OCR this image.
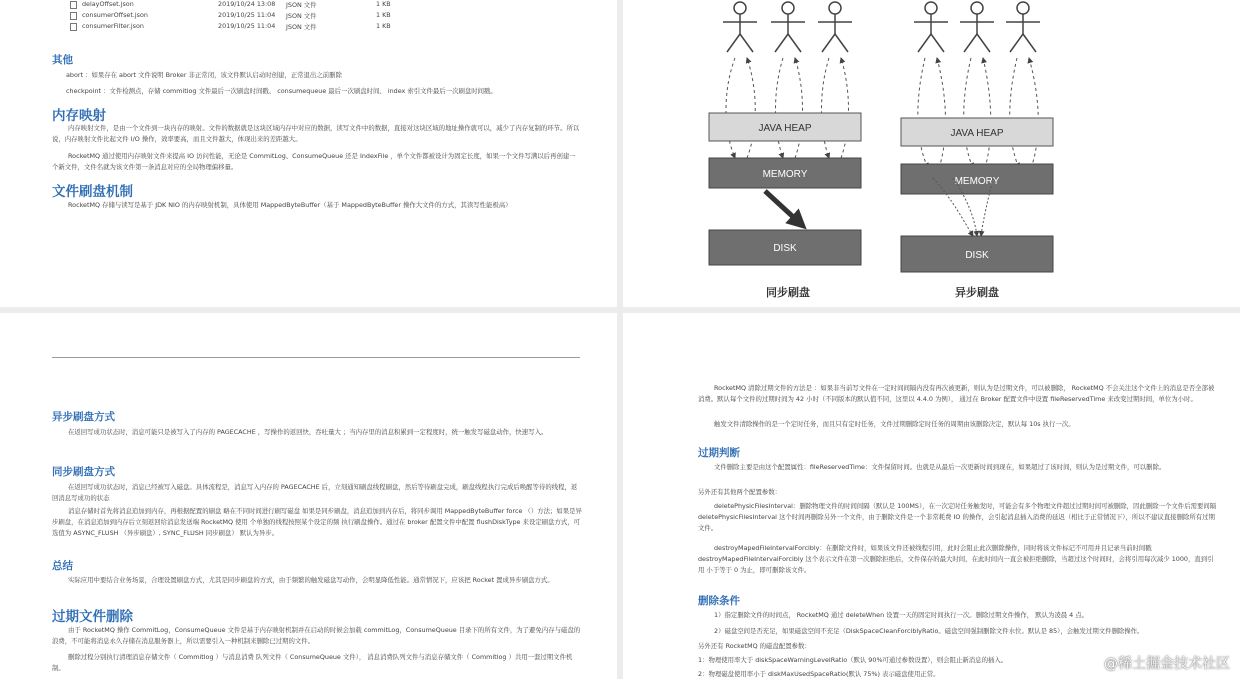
delayOffset.json	2019/10/24 13:08 JSON 文件	1 KB
consumerOffset.json	2019/10/25 11:04 JSON 文件	1 KB
consumerFilter.json	2019/10/25 11:04 JSON 文件	1 KB
其他
abort ：如果存在 abort 文件说明 Broker 非正常闭，该文件默认启动时创建，正常退出之前删除
checkpoint ：文件检测点，存储 commitlog 文件最后一次刷盘时间戳、 consumequeue 最后一次刷盘时间、 index 索引文件最后一次刷盘时间戳。
内存映射
内存映射文件，是由一个文件到一块内存的映射。文件的数据就是这块区域内存中对应的数据，读写文件中的数据，直接对这块区域的地址操作就可以，减少了内存复制的环节。所以说，内存映射文件比起文件 I/O 操作，效率要高，而且文件越大，体现出来的差距越大。
RocketMQ 通过使用内存映射文件来提高 IO 访问性能，无论是 CommitLog、ConsumeQueue 还是 IndexFile ，单个文件都被设计为固定长度，如果一个文件写满以后再创建一个新文件，文件名就为该文件第一条消息对应的全局物理偏移量。
文件刷盘机制
RocketMQ 存储与读写是基于 JDK NIO 的内存映射机制，具体使用 MappedByteBuffer（基于 MappedByteBuffer 操作大文件的方式，其读写性能极高）
JAVA HEAP
MEMORY
DISK
同步刷盘
JAVA HEAP
MEMORY
DISK
异步刷盘
异步刷盘方式
在返回写成功状态时，消息可能只是被写入了内存的 PAGECACHE ，写操作的返回快，吞吐量大 ；当内存里的消息积累到一定程度时，统一触发写磁盘动作，快速写入。
同步刷盘方式
在返回写成功状态时，消息已经被写入磁盘。具体流程是，消息写入内存的 PAGECACHE 后，立刻通知刷盘线程刷盘，然后等待刷盘完成，刷盘线程执行完成后唤醒等待的线程，返回消息写成功的状态
消息存储时首先将消息追加到内存，再根据配置的刷盘 略在不同时间进行刷写磁盘 如果是同步刷盘，消息追加到内存后，将同步调用 MappedByteBuffer force （）方法；如果是异步刷盘，在消息追加到内存后立刻返回给消息发送端 RocketMQ 使用 个单独的线程按照某个设定的频 执行刷盘操作。通过在 broker 配置文件中配置 flushDiskType 来设定刷盘方式，可选值为 ASYNC_FLUSH （异步刷盘）, SYNC_FLUSH 同步刷盘） 默认为异步。
总结
实际应用中要结合业务场景，合理设置刷盘方式，尤其是同步刷盘的方式，由于频繁的触发磁盘写动作，会明显降低性能。通常情况下，应该把 Rocket 置成异步刷盘方式。
过期文件删除
由于 RocketMQ 操作 CommitLog，ConsumeQueue 文件是基于内存映射机制并在启动的时候会加载 commitLog，ConsumeQueue 目录下的所有文件，为了避免内存与磁盘的浪费，不可能将消息永久存储在消息服务器上，所以需要引入一种机制来删除已过期的文件。
删除过程分别执行清理消息存储文件（ Commitlog ）与消息消费 队列文件（ ConsumeQueue 文件）， 消息消费队列文件与消息存储文件（ Commitlog ）共用一套过期文件机制。
RocketMQ 清除过期文件的方法是 ：如果非当前写文件在一定时间间隔内没有再次被更新，则认为是过期文件，可以被删除， RocketMQ 不会关注这个文件上的消息是否全部被消费。默认每个文件的过期时间为 42 小时（不同版本的默认值不同，这里以 4.4.0 为例）， 通过在 Broker 配置文件中设置 fileReservedTime 来改变过期时间，单位为小时。
触发文件清除操作的是一个定时任务，而且只有定时任务，文件过期删除定时任务的周期由该删除决定，默认每 10s 执行一次。
过期判断
文件删除主要是由这个配置属性：fileReservedTime：文件保留时间。也就是从最后一次更新时间到现在，如果超过了该时间，则认为是过期文件，可以删除。
另外还有其他两个配置参数：
deletePhysicFilesInterval：删除物理文件的时间间隔（默认是 100MS），在一次定时任务触发时，可能会有多个物理文件超过过期时间可被删除，因此删除一个文件后需要间隔 deletePhysicFilesInterval 这个时间再删除另外一个文件，由于删除文件是一个非常耗费 IO 的操作，会引起消息插入消费的延迟（相比于正常情况下），所以不建议直接删除所有过期文件。
destroyMapedFileIntervalForcibly：在删除文件时，如果该文件还被线程引用，此时会阻止此次删除操作，同时将该文件标记不可用并且记录当前时间戳 destroyMapedFileIntervalForcibly 这个表示文件在第一次删除拒绝后，文件保存的最大时间，在此时间内一直会被拒绝删除，当超过这个时间时，会将引用每次减少 1000，直到引用 小于等于 0 为止，即可删除该文件。
删除条件
1）指定删除文件的时间点， RocketMQ 通过 deleteWhen 设置一天的固定时间执行一次。删除过期文件操作， 默认为凌晨 4 点。
2）磁盘空间是否充足，如果磁盘空间不充足（DiskSpaceCleanForciblyRatio。磁盘空间强制删除文件水位。默认是 85），会触发过期文件删除操作。
另外还有 RocketMQ 的磁盘配置参数：
1：物理使用率大于 diskSpaceWarningLevelRatio（默认 90%可通过参数设置），则会阻止新消息的插入。
2：物理磁盘使用率小于 diskMaxUsedSpaceRatio(默认 75%) 表示磁盘使用正常。
@稀土掘金技术社区
